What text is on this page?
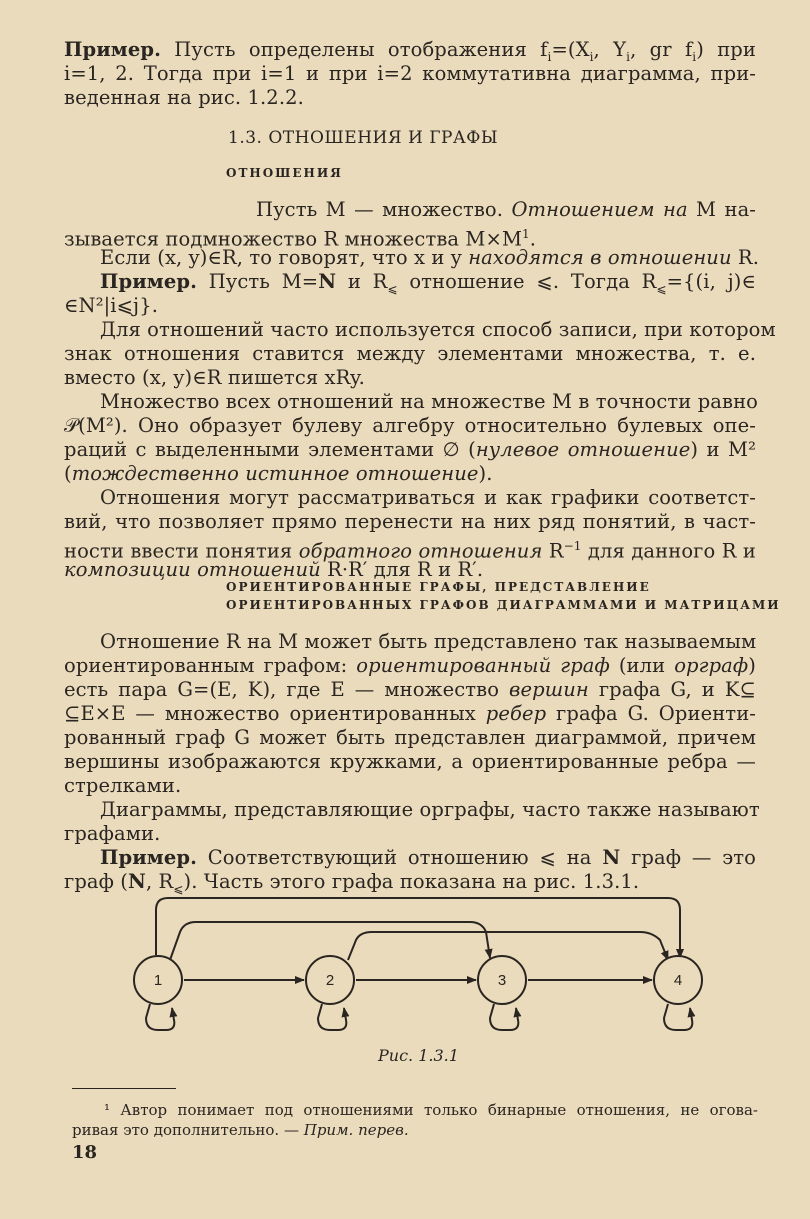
Пример. Пусть определены отображения $f_i=(X_i$, $Y_i$, gr $f_i$) при
i=1, 2. Тогда при i=1 и при i=2 коммутативна диаграмма, при-
веденная на рис. 1.2.2.
1.3. ОТНОШЕНИЯ И ГРАФЫ
ОТНОШЕНИЯ
Пусть M — множество. Отношением на M на-
зывается подмножество R множества $M\times M^1$.
Если (x, y)∈R, то говорят, что x и y находятся в отношении R.
Пример. Пусть M=N и $R_⩽$ отношение ⩽. Тогда $R_⩽=\{(i$, j)∈
∈N²|i⩽j}.
Для отношений часто используется способ записи, при котором
знак отношения ставится между элементами множества, т. е.
вместо (x, y)∈R пишется xRy.
Множество всех отношений на множестве M в точности равно
𝒫(M²). Оно образует булеву алгебру относительно булевых опе-
раций с выделенными элементами ∅ (нулевое отношение) и M²
(тождественно истинное отношение).
Отношения могут рассматриваться и как графики соответст-
вий, что позволяет прямо перенести на них ряд понятий, в част-
ности ввести понятия обратного отношения $R^{-1}$ для данного R и
композиции отношений R·R′ для R и R′.
ОРИЕНТИРОВАННЫЕ ГРАФЫ, ПРЕДСТАВЛЕНИЕ
ОРИЕНТИРОВАННЫХ ГРАФОВ ДИАГРАММАМИ И МАТРИЦАМИ
Отношение R на M может быть представлено так называемым
ориентированным графом: ориентированный граф (или орграф)
есть пара G=(E, K), где E — множество вершин графа G, и K⊆
⊆E×E — множество ориентированных ребер графа G. Ориенти-
рованный граф G может быть представлен диаграммой, причем
вершины изображаются кружками, а ориентированные ребра —
стрелками.
Диаграммы, представляющие орграфы, часто также называют
графами.
Пример. Соответствующий отношению ⩽ на N граф — это
граф (N, $R_⩽$). Часть этого графа показана на рис. 1.3.1.
1	2	3	4
Рис. 1.3.1
¹ Автор понимает под отношениями только бинарные отношения, не огова-
ривая это дополнительно. — Прим. перев.
18
